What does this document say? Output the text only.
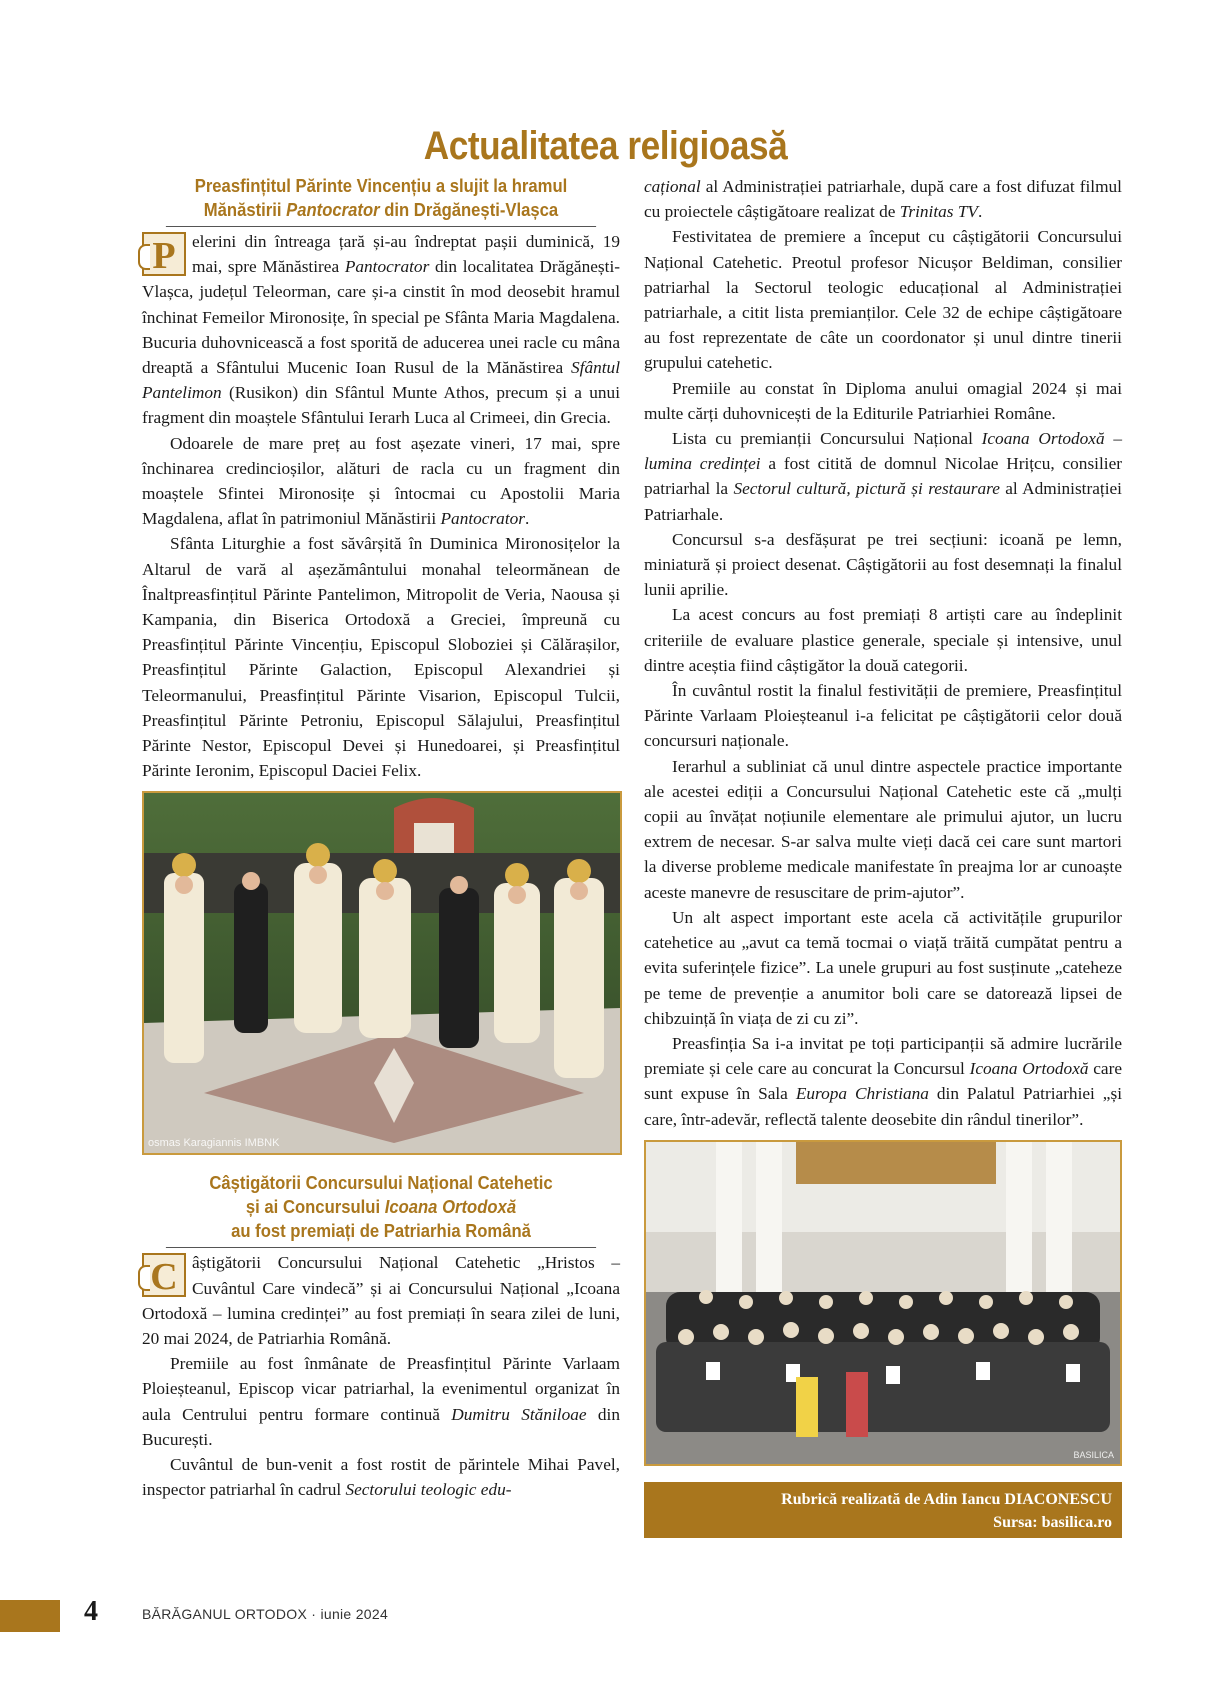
Actualitatea religioasă
Preasfințitul Părinte Vincențiu a slujit la hramul
Mănăstirii Pantocrator din Drăgănești-Vlașca

P elerini din întreaga țară și-au îndreptat pașii duminică, 19 mai, spre Mănăstirea Pantocrator din localitatea Drăgănești-Vlașca, județul Teleorman, care și-a cinstit în mod deosebit hramul închinat Femeilor Mironosițe, în special pe Sfânta Maria Magdalena. Bucuria duhovnicească a fost sporită de aducerea unei racle cu mâna dreaptă a Sfântului Mucenic Ioan Rusul de la Mănăstirea Sfântul Pantelimon (Rusikon) din Sfântul Munte Athos, precum și a unui fragment din moaștele Sfântului Ierarh Luca al Crimeei, din Grecia.

Odoarele de mare preț au fost așezate vineri, 17 mai, spre închinarea credincioșilor, alături de racla cu un fragment din moaștele Sfintei Mironosițe și întocmai cu Apostolii Maria Magdalena, aflat în patrimoniul Mănăstirii Pantocrator.

Sfânta Liturghie a fost săvârșită în Duminica Mironosițelor la Altarul de vară al așezământului monahal teleormănean de Înaltpreasfințitul Părinte Pantelimon, Mitropolit de Veria, Naousa și Kampania, din Biserica Ortodoxă a Greciei, împreună cu Preasfințitul Părinte Vincențiu, Episcopul Sloboziei și Călărașilor, Preasfințitul Părinte Galaction, Episcopul Alexandriei și Teleormanului, Preasfințitul Părinte Visarion, Episcopul Tulcii, Preasfințitul Părinte Petroniu, Episcopul Sălajului, Preasfințitul Părinte Nestor, Episcopul Devei și Hunedoarei, și Preasfințitul Părinte Ieronim, Episcopul Daciei Felix.

osmas Karagiannis IMBNK
Câștigătorii Concursului Național Catehetic
și ai Concursului Icoana Ortodoxă
au fost premiați de Patriarhia Română

C âștigătorii Concursului Național Catehetic „Hristos – Cuvântul Care vindecă” și ai Concursului Național „Icoana Ortodoxă – lumina credinței” au fost premiați în seara zilei de luni, 20 mai 2024, de Patriarhia Română.

Premiile au fost înmânate de Preasfințitul Părinte Varlaam Ploieșteanul, Episcop vicar patriarhal, la evenimentul organizat în aula Centrului pentru formare continuă Dumitru Stăniloae din București.

Cuvântul de bun-venit a fost rostit de părintele Mihai Pavel, inspector patriarhal în cadrul Sectorului teologic edu-

cațional al Administrației patriarhale, după care a fost difuzat filmul cu proiectele câștigătoare realizat de Trinitas TV.

Festivitatea de premiere a început cu câștigătorii Concursului Național Catehetic. Preotul profesor Nicușor Beldiman, consilier patriarhal la Sectorul teologic educațional al Administrației patriarhale, a citit lista premianților. Cele 32 de echipe câștigătoare au fost reprezentate de câte un coordonator și unul dintre tinerii grupului catehetic.

Premiile au constat în Diploma anului omagial 2024 și mai multe cărți duhovnicești de la Editurile Patriarhiei Române.

Lista cu premianții Concursului Național Icoana Ortodoxă – lumina credinței a fost citită de domnul Nicolae Hrițcu, consilier patriarhal la Sectorul cultură, pictură și restaurare al Administrației Patriarhale.

Concursul s-a desfășurat pe trei secțiuni: icoană pe lemn, miniatură și proiect desenat. Câștigătorii au fost desemnați la finalul lunii aprilie.

La acest concurs au fost premiați 8 artiști care au îndeplinit criteriile de evaluare plastice generale, speciale și intensive, unul dintre aceștia fiind câștigător la două categorii.

În cuvântul rostit la finalul festivității de premiere, Preasfințitul Părinte Varlaam Ploieșteanul i-a felicitat pe câștigătorii celor două concursuri naționale.

Ierarhul a subliniat că unul dintre aspectele practice importante ale acestei ediții a Concursului Național Catehetic este că „mulți copii au învățat noțiunile elementare ale primului ajutor, un lucru extrem de necesar. S-ar salva multe vieți dacă cei care sunt martori la diverse probleme medicale manifestate în preajma lor ar cunoaște aceste manevre de resuscitare de prim-ajutor”.

Un alt aspect important este acela că activitățile grupurilor catehetice au „avut ca temă tocmai o viață trăită cumpătat pentru a evita suferințele fizice”. La unele grupuri au fost susținute „cateheze pe teme de prevenție a anumitor boli care se datorează lipsei de chibzuință în viața de zi cu zi”.

Preasfinția Sa i-a invitat pe toți participanții să admire lucrările premiate și cele care au concurat la Concursul Icoana Ortodoxă care sunt expuse în Sala Europa Christiana din Palatul Patriarhiei „și care, într-adevăr, reflectă talente deosebite din rândul tinerilor”.

BASILICA
Rubrică realizată de Adin Iancu DIACONESCU
Sursa: basilica.ro
4	BĂRĂGANUL ORTODOX · iunie 2024
